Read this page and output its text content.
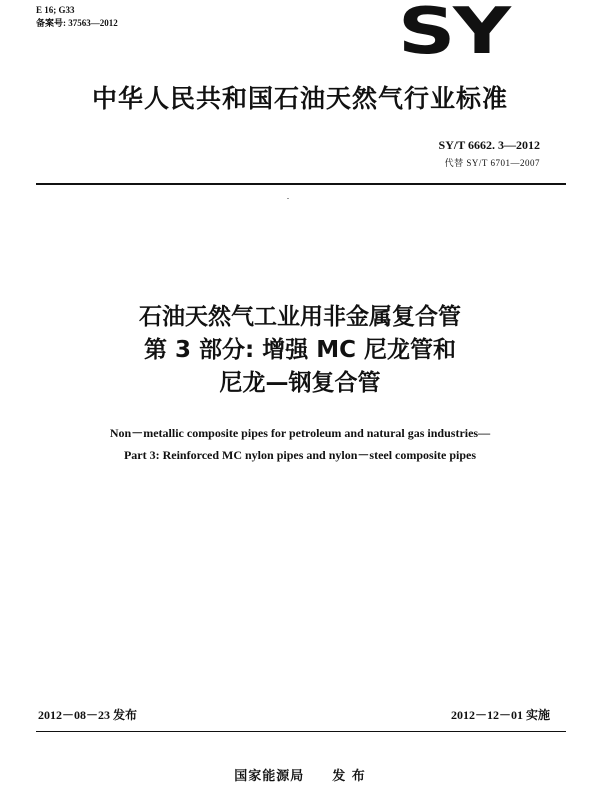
E 16; G33
备案号: 37563—2012	SY
中华人民共和国石油天然气行业标准
SY/T 6662. 3—2012
代替 SY/T 6701—2007
石油天然气工业用非金属复合管
第 3 部分: 增强 MC 尼龙管和
尼龙—钢复合管
Non－metallic composite pipes for petroleum and natural gas industries—
Part 3: Reinforced MC nylon pipes and nylon－steel composite pipes
2012－08－23 发布	2012－12－01 实施
国家能源局 发 布
